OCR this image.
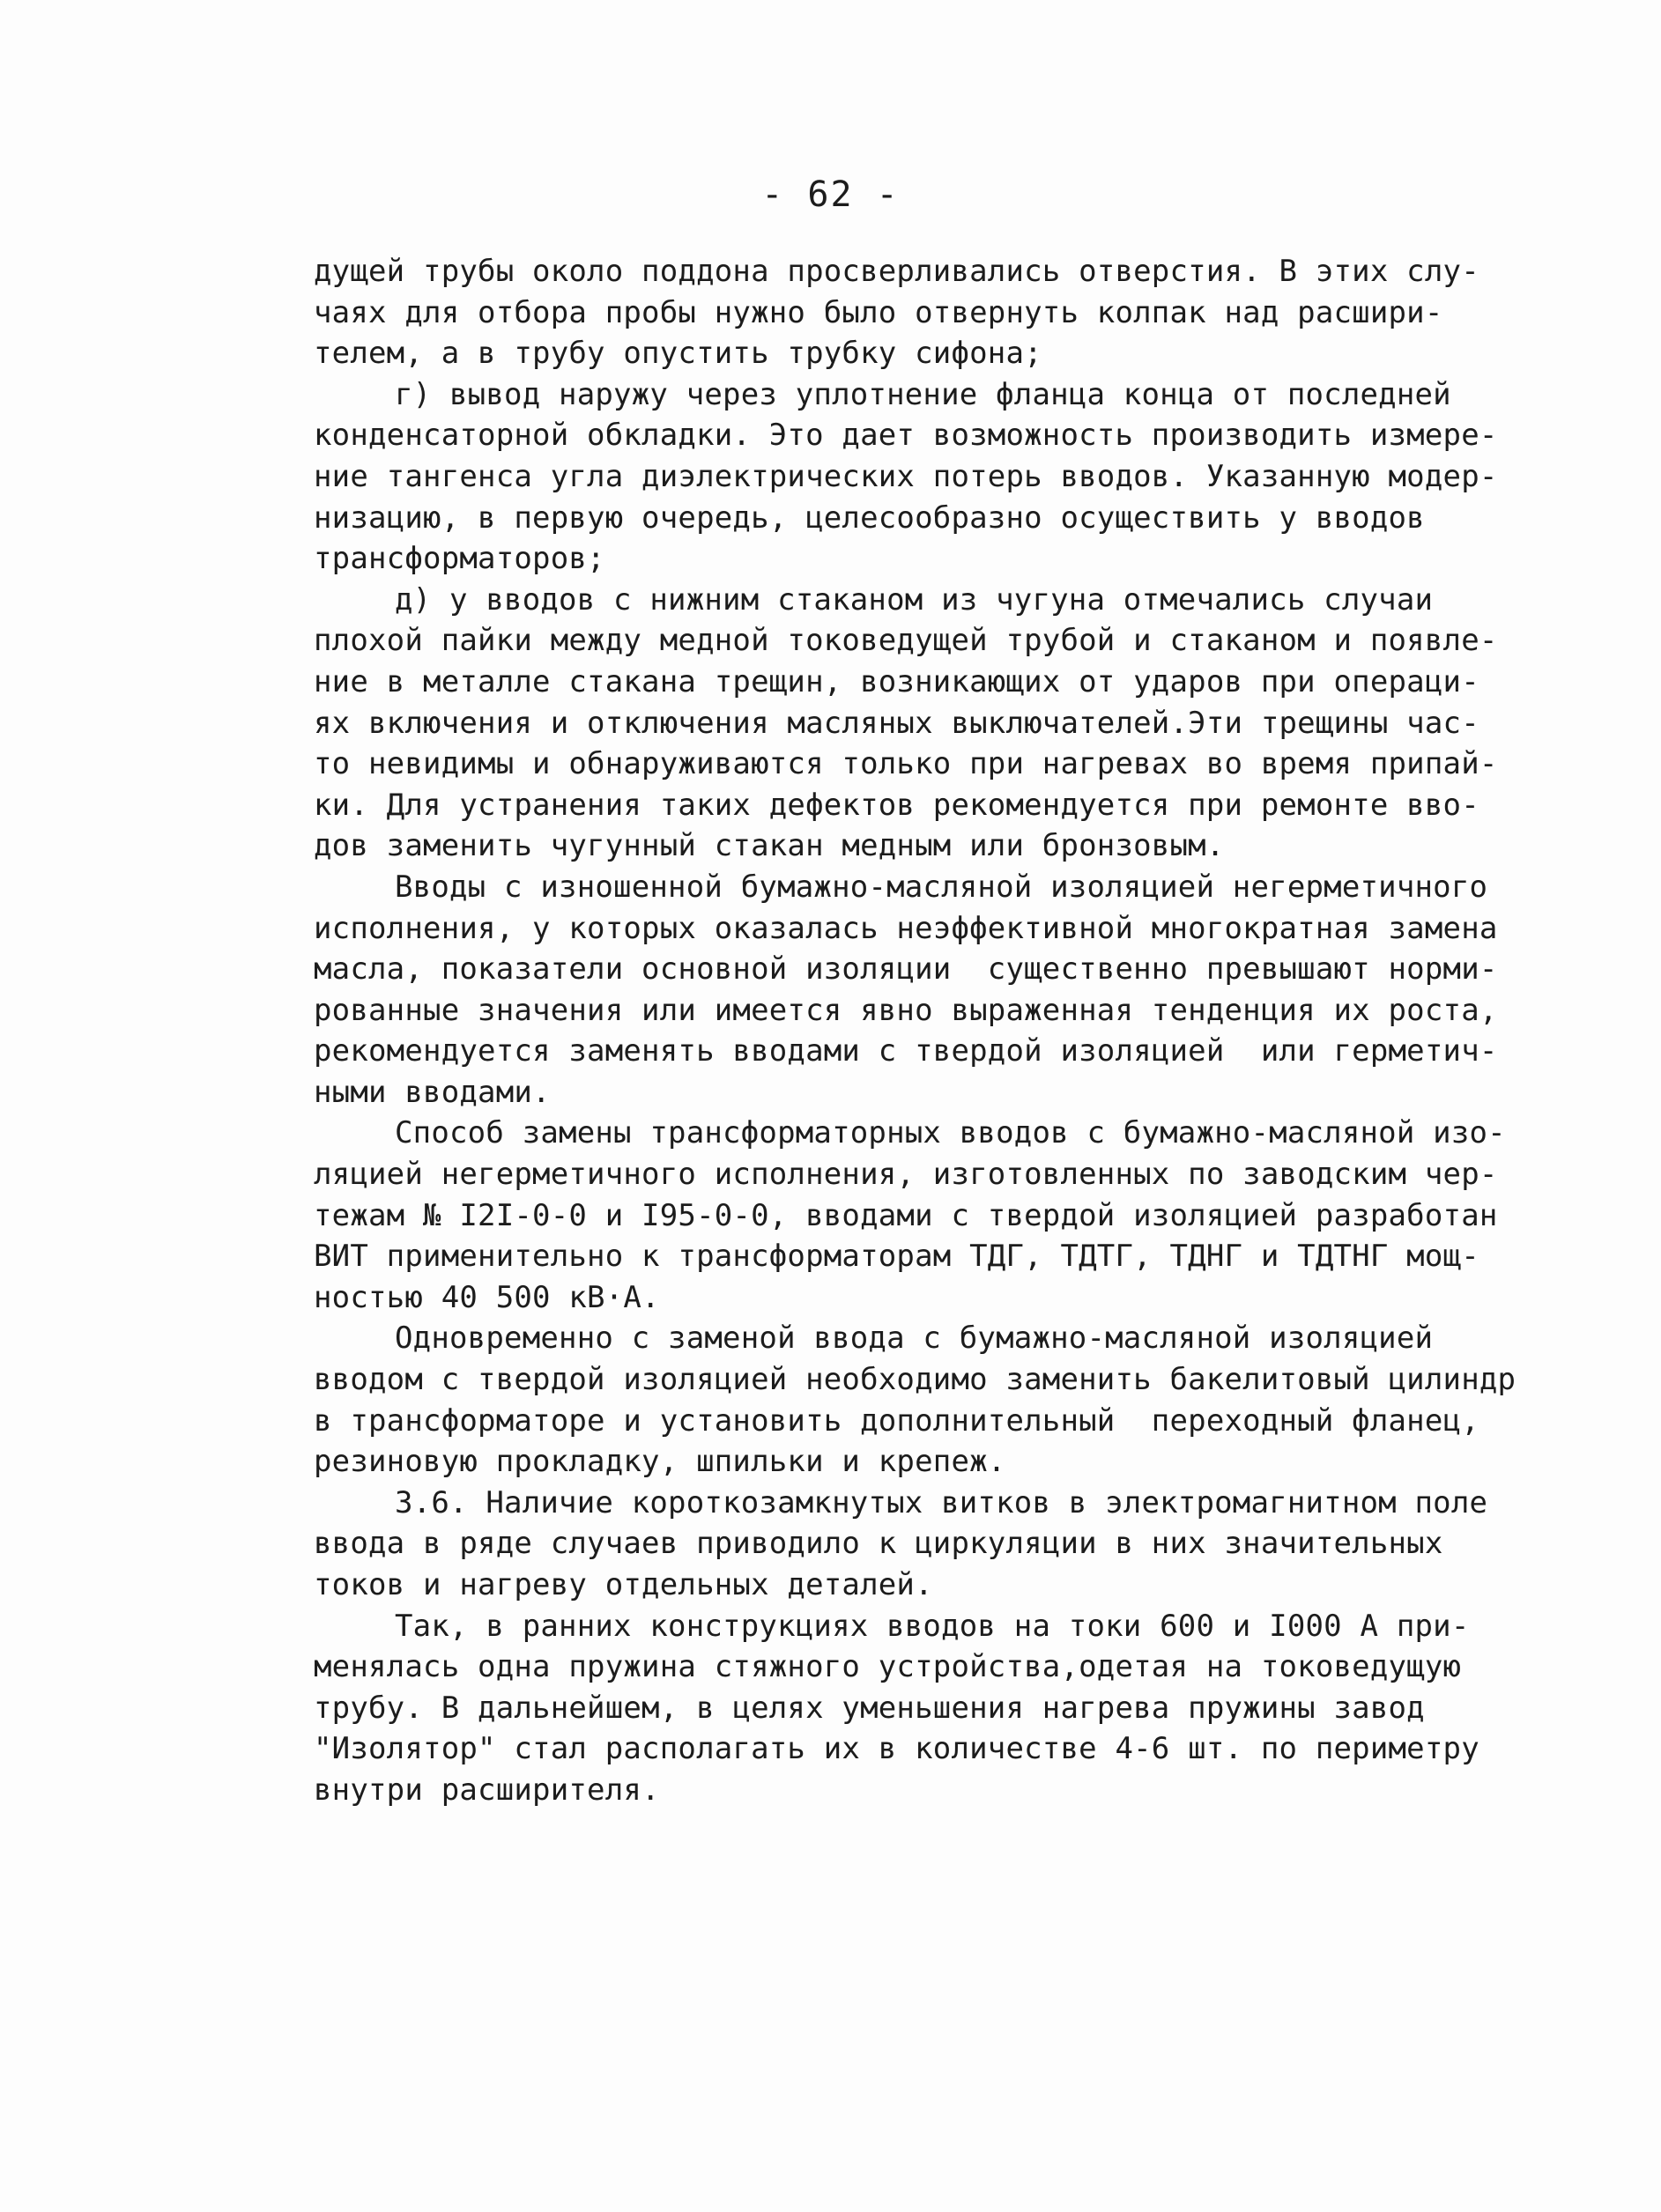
- 62 -
дущей трубы около поддона просверливались отверстия. В этих слу-
чаях для отбора пробы нужно было отвернуть колпак над расшири-
телем, а в трубу опустить трубку сифона;
г) вывод наружу через уплотнение фланца конца от последней
конденсаторной обкладки. Это дает возможность производить измере-
ние тангенса угла диэлектрических потерь вводов. Указанную модер-
низацию, в первую очередь, целесообразно осуществить у вводов
трансформаторов;
д) у вводов с нижним стаканом из чугуна отмечались случаи
плохой пайки между медной токоведущей трубой и стаканом и появле-
ние в металле стакана трещин, возникающих от ударов при операци-
ях включения и отключения масляных выключателей.Эти трещины час-
то невидимы и обнаруживаются только при нагревах во время припай-
ки. Для устранения таких дефектов рекомендуется при ремонте вво-
дов заменить чугунный стакан медным или бронзовым.
Вводы с изношенной бумажно-масляной изоляцией негерметичного
исполнения, у которых оказалась неэффективной многократная замена
масла, показатели основной изоляции  существенно превышают норми-
рованные значения или имеется явно выраженная тенденция их роста,
рекомендуется заменять вводами с твердой изоляцией  или герметич-
ными вводами.
Способ замены трансформаторных вводов с бумажно-масляной изо-
ляцией негерметичного исполнения, изготовленных по заводским чер-
тежам № I2I-0-0 и I95-0-0, вводами с твердой изоляцией разработан
ВИТ применительно к трансформаторам ТДГ, ТДТГ, ТДНГ и ТДТНГ мощ-
ностью 40 500 кВ·А.
Одновременно с заменой ввода с бумажно-масляной изоляцией
вводом с твердой изоляцией необходимо заменить бакелитовый цилиндр
в трансформаторе и установить дополнительный  переходный фланец,
резиновую прокладку, шпильки и крепеж.
3.6. Наличие короткозамкнутых витков в электромагнитном поле
ввода в ряде случаев приводило к циркуляции в них значительных
токов и нагреву отдельных деталей.
Так, в ранних конструкциях вводов на токи 600 и I000 А при-
менялась одна пружина стяжного устройства,одетая на токоведущую
трубу. В дальнейшем, в целях уменьшения нагрева пружины завод
"Изолятор" стал располагать их в количестве 4-6 шт. по периметру
внутри расширителя.
